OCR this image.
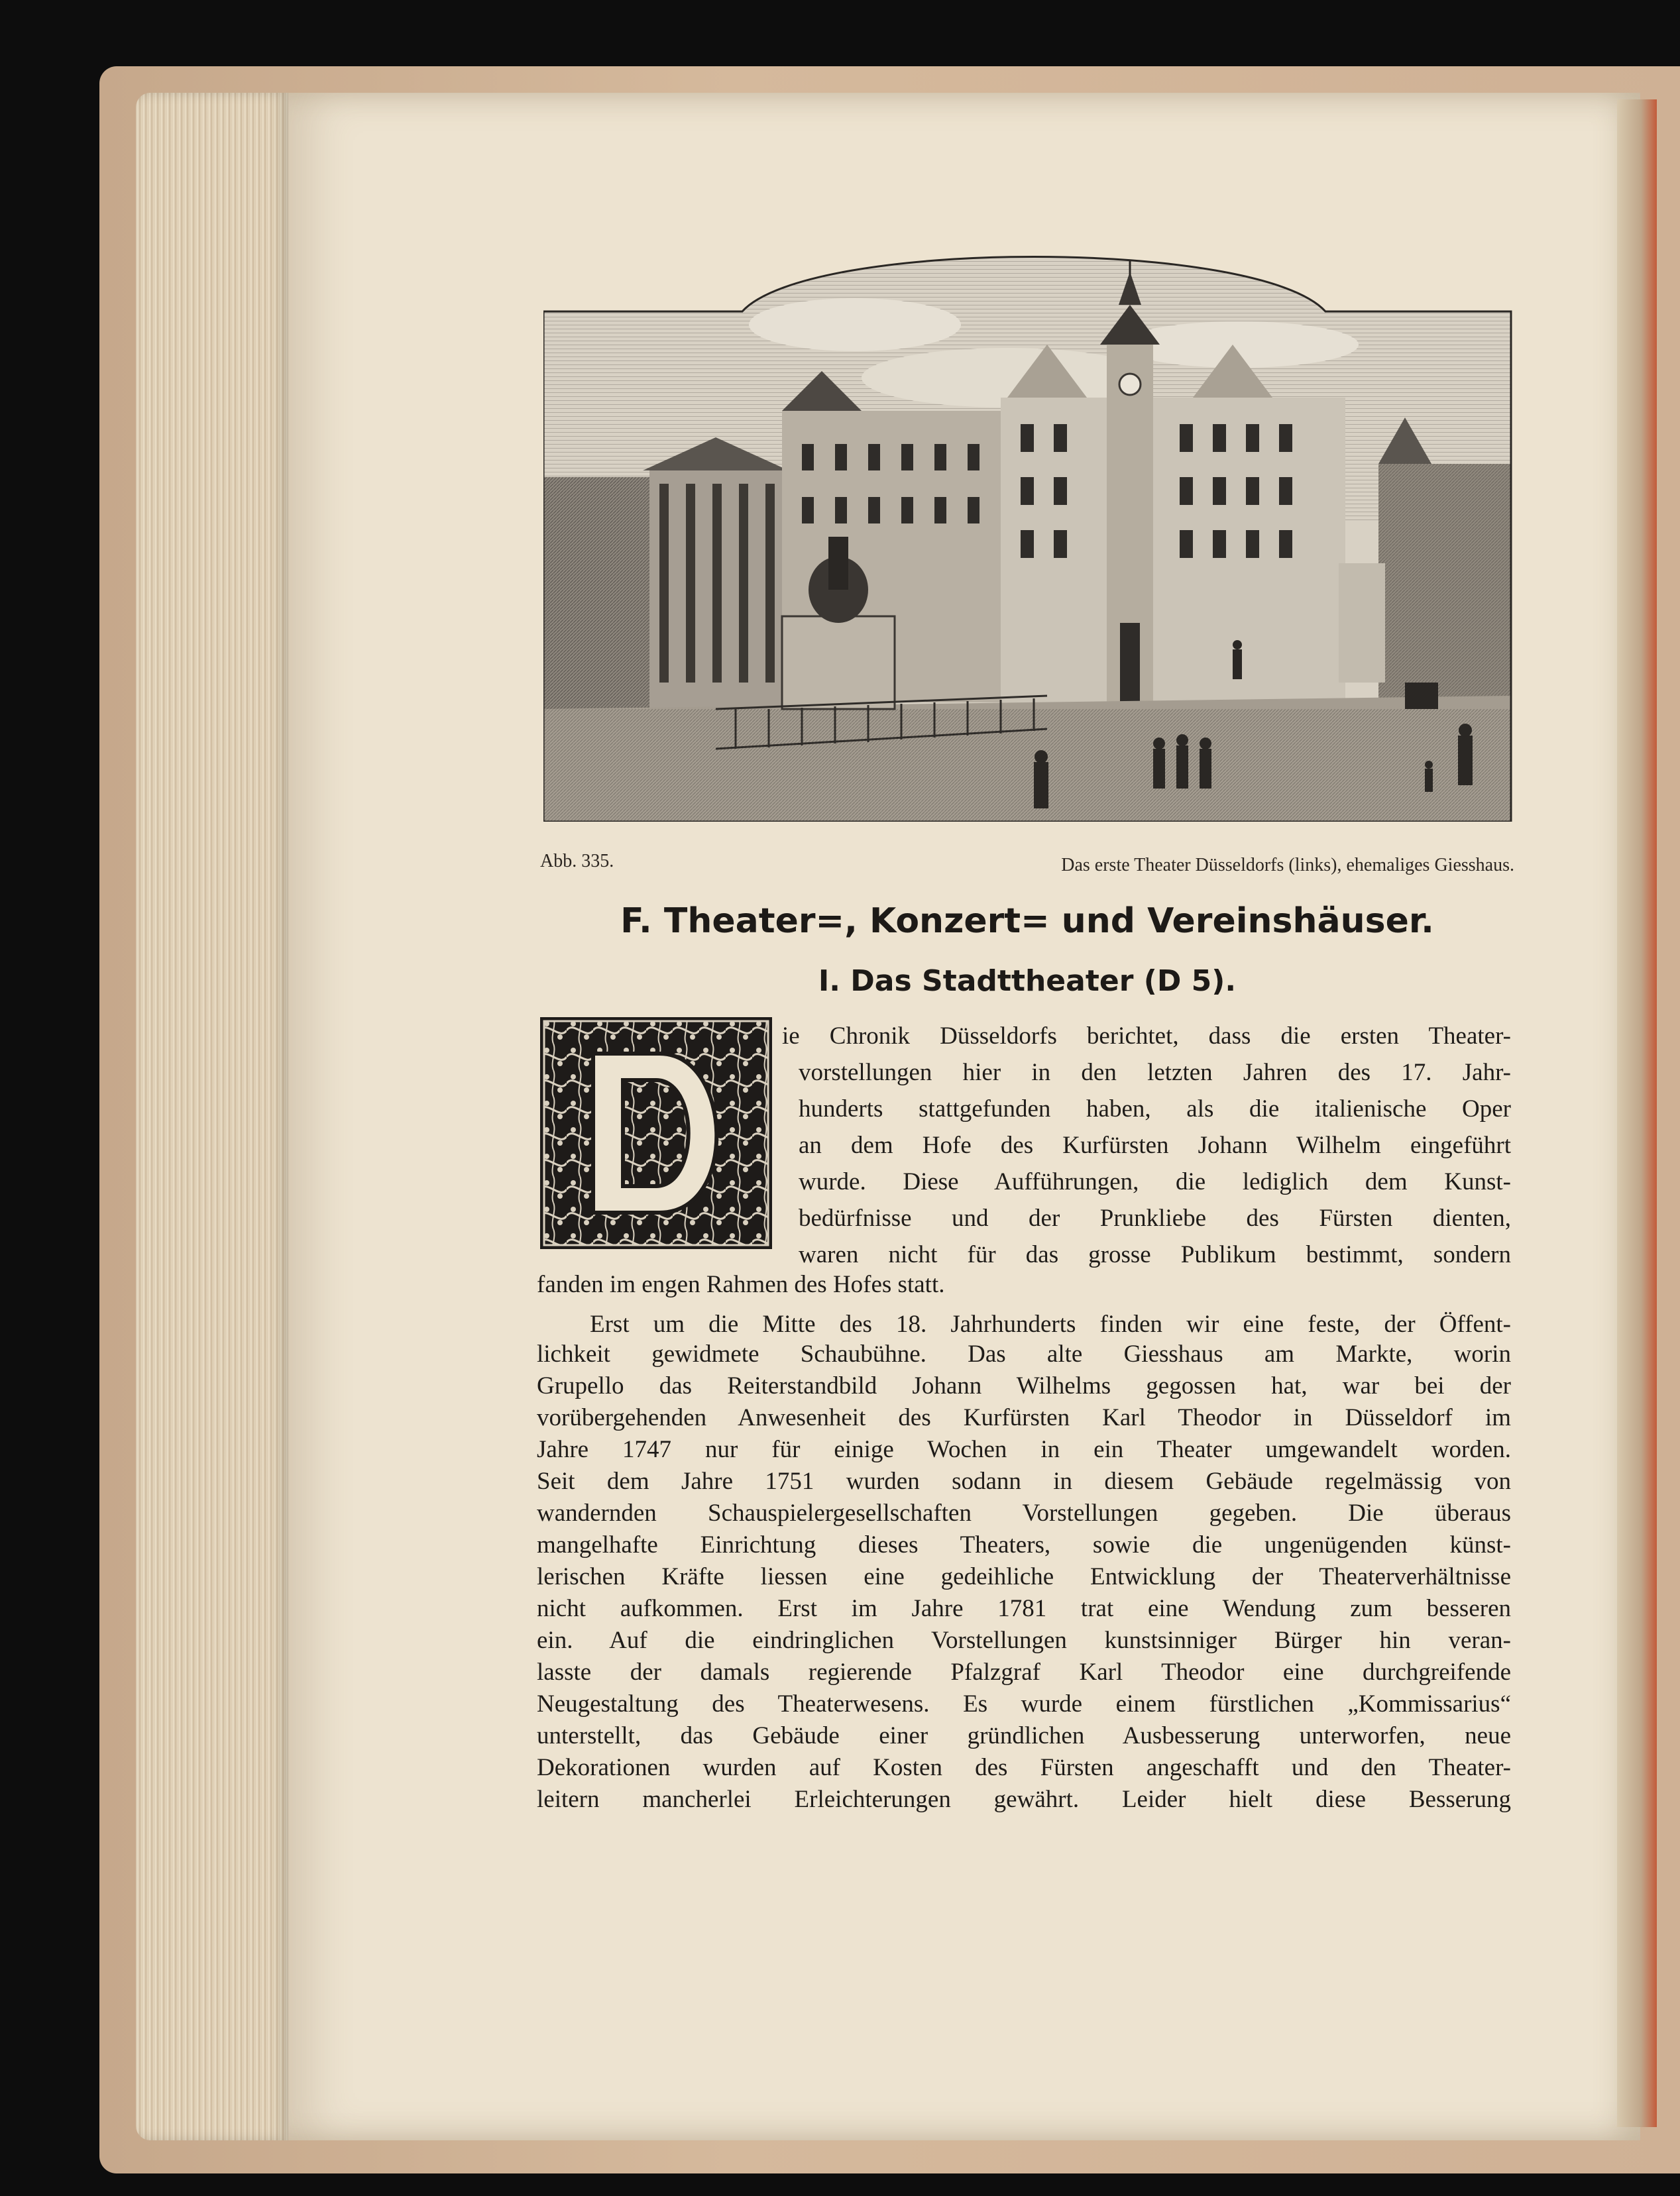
Abb. 335.	Das erste Theater Düsseldorfs (links), ehemaliges Giesshaus.
F. Theater=, Konzert= und Vereinshäuser.
I. Das Stadttheater (D 5).
ie Chronik Düsseldorfs berichtet, dass die ersten Theater-
vorstellungen hier in den letzten Jahren des 17. Jahr-
hunderts stattgefunden haben, als die italienische Oper
an dem Hofe des Kurfürsten Johann Wilhelm eingeführt
wurde. Diese Aufführungen, die lediglich dem Kunst-
bedürfnisse und der Prunkliebe des Fürsten dienten,
waren nicht für das grosse Publikum bestimmt, sondern
fanden im engen Rahmen des Hofes statt.
Erst um die Mitte des 18. Jahrhunderts finden wir eine feste, der Öffent-
lichkeit gewidmete Schaubühne. Das alte Giesshaus am Markte, worin
Grupello das Reiterstandbild Johann Wilhelms gegossen hat, war bei der
vorübergehenden Anwesenheit des Kurfürsten Karl Theodor in Düsseldorf im
Jahre 1747 nur für einige Wochen in ein Theater umgewandelt worden.
Seit dem Jahre 1751 wurden sodann in diesem Gebäude regelmässig von
wandernden Schauspielergesellschaften Vorstellungen gegeben. Die überaus
mangelhafte Einrichtung dieses Theaters, sowie die ungenügenden künst-
lerischen Kräfte liessen eine gedeihliche Entwicklung der Theaterverhältnisse
nicht aufkommen. Erst im Jahre 1781 trat eine Wendung zum besseren
ein. Auf die eindringlichen Vorstellungen kunstsinniger Bürger hin veran-
lasste der damals regierende Pfalzgraf Karl Theodor eine durchgreifende
Neugestaltung des Theaterwesens. Es wurde einem fürstlichen „Kommissarius“
unterstellt, das Gebäude einer gründlichen Ausbesserung unterworfen, neue
Dekorationen wurden auf Kosten des Fürsten angeschafft und den Theater-
leitern mancherlei Erleichterungen gewährt. Leider hielt diese Besserung
